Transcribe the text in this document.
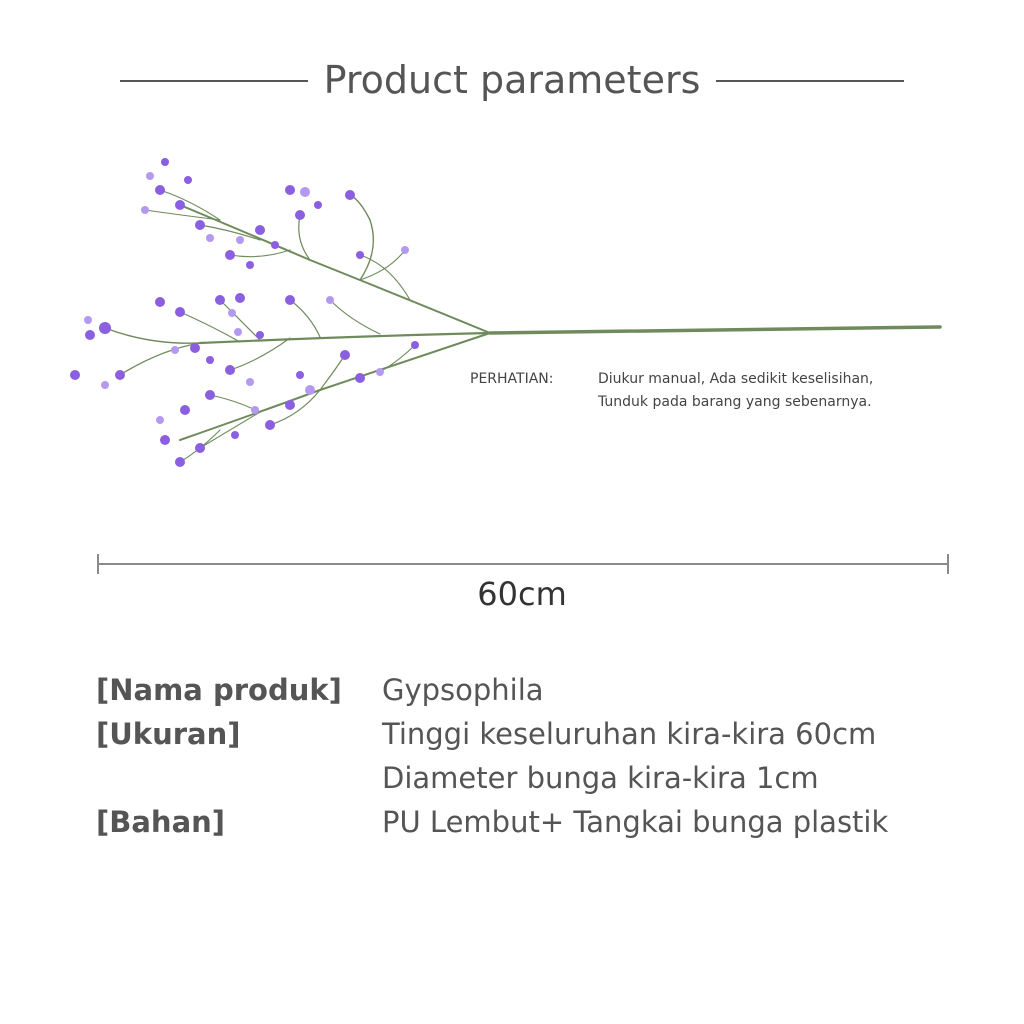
Product parameters
PERHATIAN:	Diukur manual, Ada sedikit keselisihan,
Tunduk pada barang yang sebenarnya.
60cm
[Nama produk] Gypsophila
[Ukuran]	Tinggi keseluruhan kira-kira 60cm
Diameter bunga kira-kira 1cm
[Bahan]	PU Lembut+ Tangkai bunga plastik
